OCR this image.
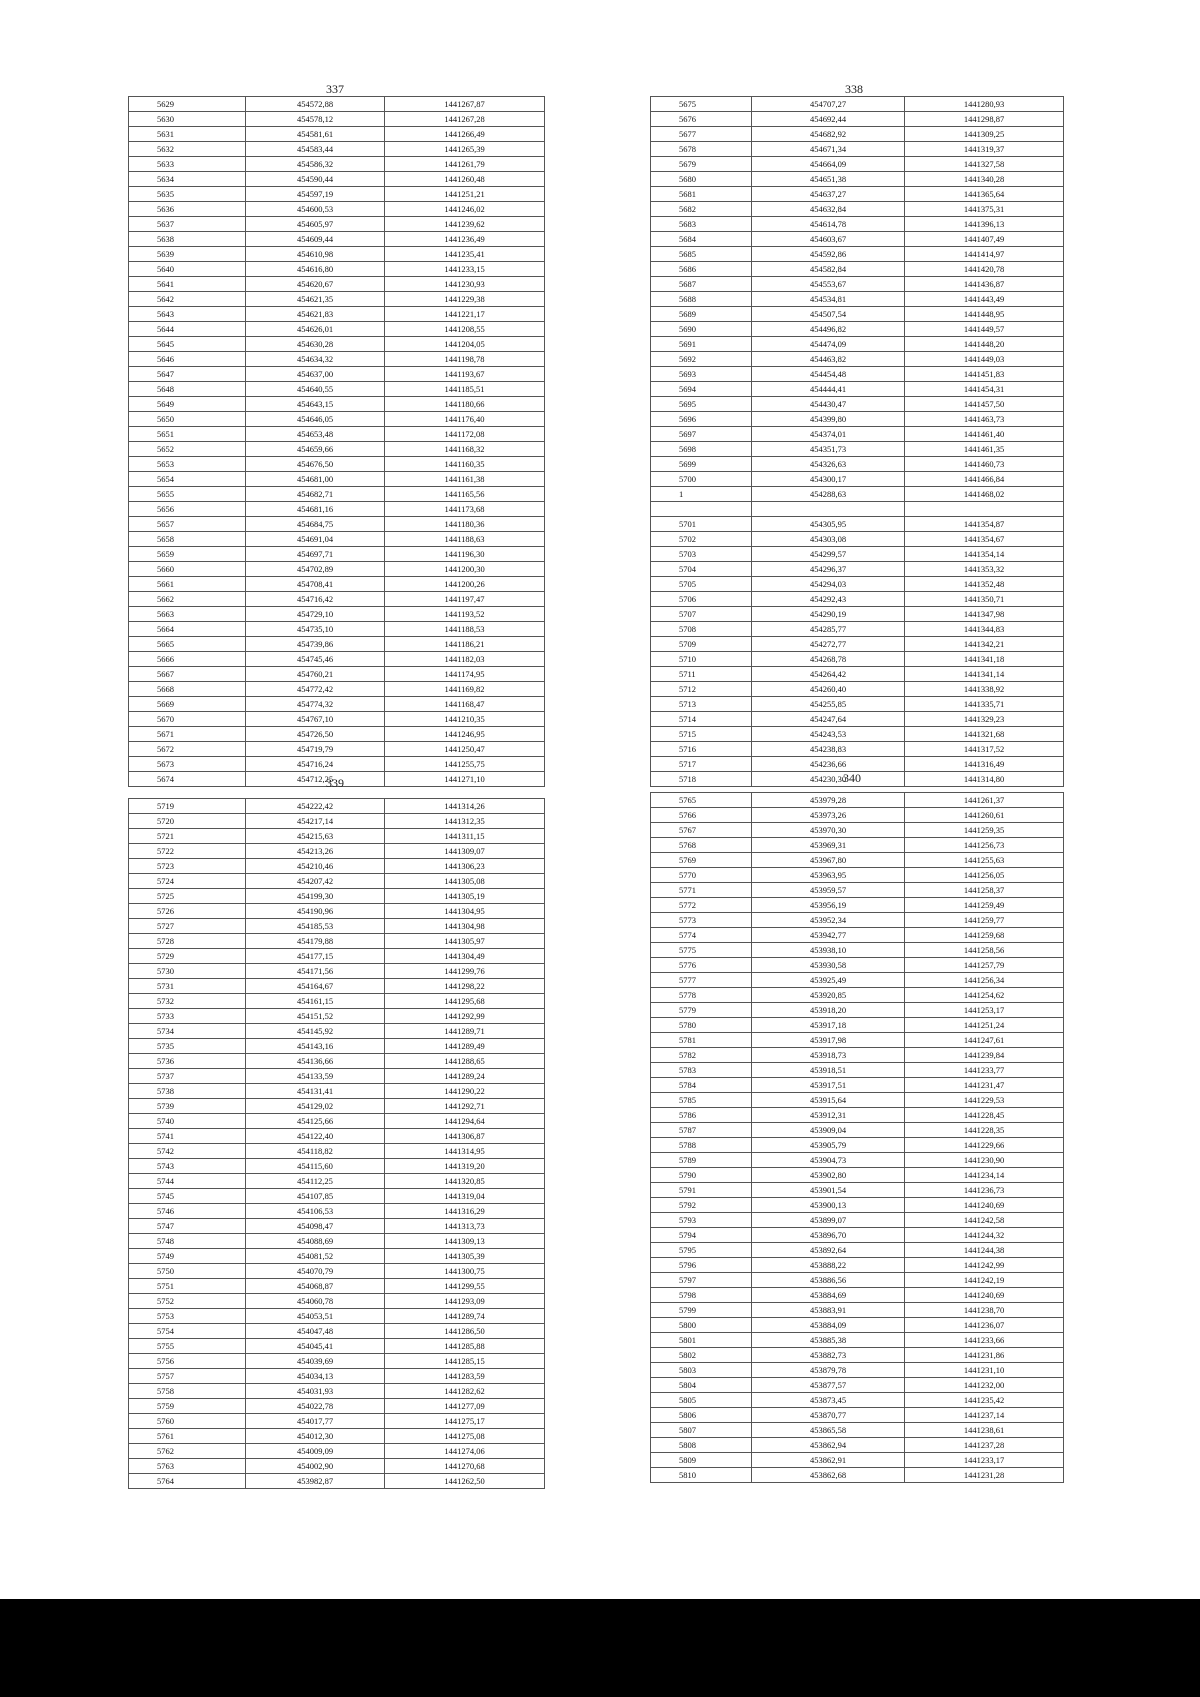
337
5629	454572,88	1441267,87
5630	454578,12	1441267,28
5631	454581,61	1441266,49
5632	454583,44	1441265,39
5633	454586,32	1441261,79
5634	454590,44	1441260,48
5635	454597,19	1441251,21
5636	454600,53	1441246,02
5637	454605,97	1441239,62
5638	454609,44	1441236,49
5639	454610,98	1441235,41
5640	454616,80	1441233,15
5641	454620,67	1441230,93
5642	454621,35	1441229,38
5643	454621,83	1441221,17
5644	454626,01	1441208,55
5645	454630,28	1441204,05
5646	454634,32	1441198,78
5647	454637,00	1441193,67
5648	454640,55	1441185,51
5649	454643,15	1441180,66
5650	454646,05	1441176,40
5651	454653,48	1441172,08
5652	454659,66	1441168,32
5653	454676,50	1441160,35
5654	454681,00	1441161,38
5655	454682,71	1441165,56
5656	454681,16	1441173,68
5657	454684,75	1441180,36
5658	454691,04	1441188,63
5659	454697,71	1441196,30
5660	454702,89	1441200,30
5661	454708,41	1441200,26
5662	454716,42	1441197,47
5663	454729,10	1441193,52
5664	454735,10	1441188,53
5665	454739,86	1441186,21
5666	454745,46	1441182,03
5667	454760,21	1441174,95
5668	454772,42	1441169,82
5669	454774,32	1441168,47
5670	454767,10	1441210,35
5671	454726,50	1441246,95
5672	454719,79	1441250,47
5673	454716,24	1441255,75
5674	454712,25	1441271,10
338
5675	454707,27	1441280,93
5676	454692,44	1441298,87
5677	454682,92	1441309,25
5678	454671,34	1441319,37
5679	454664,09	1441327,58
5680	454651,38	1441340,28
5681	454637,27	1441365,64
5682	454632,84	1441375,31
5683	454614,78	1441396,13
5684	454603,67	1441407,49
5685	454592,86	1441414,97
5686	454582,84	1441420,78
5687	454553,67	1441436,87
5688	454534,81	1441443,49
5689	454507,54	1441448,95
5690	454496,82	1441449,57
5691	454474,09	1441448,20
5692	454463,82	1441449,03
5693	454454,48	1441451,83
5694	454444,41	1441454,31
5695	454430,47	1441457,50
5696	454399,80	1441463,73
5697	454374,01	1441461,40
5698	454351,73	1441461,35
5699	454326,63	1441460,73
5700	454300,17	1441466,84
1	454288,63	1441468,02

5701	454305,95	1441354,87
5702	454303,08	1441354,67
5703	454299,57	1441354,14
5704	454296,37	1441353,32
5705	454294,03	1441352,48
5706	454292,43	1441350,71
5707	454290,19	1441347,98
5708	454285,77	1441344,83
5709	454272,77	1441342,21
5710	454268,78	1441341,18
5711	454264,42	1441341,14
5712	454260,40	1441338,92
5713	454255,85	1441335,71
5714	454247,64	1441329,23
5715	454243,53	1441321,68
5716	454238,83	1441317,52
5717	454236,66	1441316,49
5718	454230,30	1441314,80
339
5719	454222,42	1441314,26
5720	454217,14	1441312,35
5721	454215,63	1441311,15
5722	454213,26	1441309,07
5723	454210,46	1441306,23
5724	454207,42	1441305,08
5725	454199,30	1441305,19
5726	454190,96	1441304,95
5727	454185,53	1441304,98
5728	454179,88	1441305,97
5729	454177,15	1441304,49
5730	454171,56	1441299,76
5731	454164,67	1441298,22
5732	454161,15	1441295,68
5733	454151,52	1441292,99
5734	454145,92	1441289,71
5735	454143,16	1441289,49
5736	454136,66	1441288,65
5737	454133,59	1441289,24
5738	454131,41	1441290,22
5739	454129,02	1441292,71
5740	454125,66	1441294,64
5741	454122,40	1441306,87
5742	454118,82	1441314,95
5743	454115,60	1441319,20
5744	454112,25	1441320,85
5745	454107,85	1441319,04
5746	454106,53	1441316,29
5747	454098,47	1441313,73
5748	454088,69	1441309,13
5749	454081,52	1441305,39
5750	454070,79	1441300,75
5751	454068,87	1441299,55
5752	454060,78	1441293,09
5753	454053,51	1441289,74
5754	454047,48	1441286,50
5755	454045,41	1441285,88
5756	454039,69	1441285,15
5757	454034,13	1441283,59
5758	454031,93	1441282,62
5759	454022,78	1441277,09
5760	454017,77	1441275,17
5761	454012,30	1441275,08
5762	454009,09	1441274,06
5763	454002,90	1441270,68
5764	453982,87	1441262,50
340
5765	453979,28	1441261,37
5766	453973,26	1441260,61
5767	453970,30	1441259,35
5768	453969,31	1441256,73
5769	453967,80	1441255,63
5770	453963,95	1441256,05
5771	453959,57	1441258,37
5772	453956,19	1441259,49
5773	453952,34	1441259,77
5774	453942,77	1441259,68
5775	453938,10	1441258,56
5776	453930,58	1441257,79
5777	453925,49	1441256,34
5778	453920,85	1441254,62
5779	453918,20	1441253,17
5780	453917,18	1441251,24
5781	453917,98	1441247,61
5782	453918,73	1441239,84
5783	453918,51	1441233,77
5784	453917,51	1441231,47
5785	453915,64	1441229,53
5786	453912,31	1441228,45
5787	453909,04	1441228,35
5788	453905,79	1441229,66
5789	453904,73	1441230,90
5790	453902,80	1441234,14
5791	453901,54	1441236,73
5792	453900,13	1441240,69
5793	453899,07	1441242,58
5794	453896,70	1441244,32
5795	453892,64	1441244,38
5796	453888,22	1441242,99
5797	453886,56	1441242,19
5798	453884,69	1441240,69
5799	453883,91	1441238,70
5800	453884,09	1441236,07
5801	453885,38	1441233,66
5802	453882,73	1441231,86
5803	453879,78	1441231,10
5804	453877,57	1441232,00
5805	453873,45	1441235,42
5806	453870,77	1441237,14
5807	453865,58	1441238,61
5808	453862,94	1441237,28
5809	453862,91	1441233,17
5810	453862,68	1441231,28
